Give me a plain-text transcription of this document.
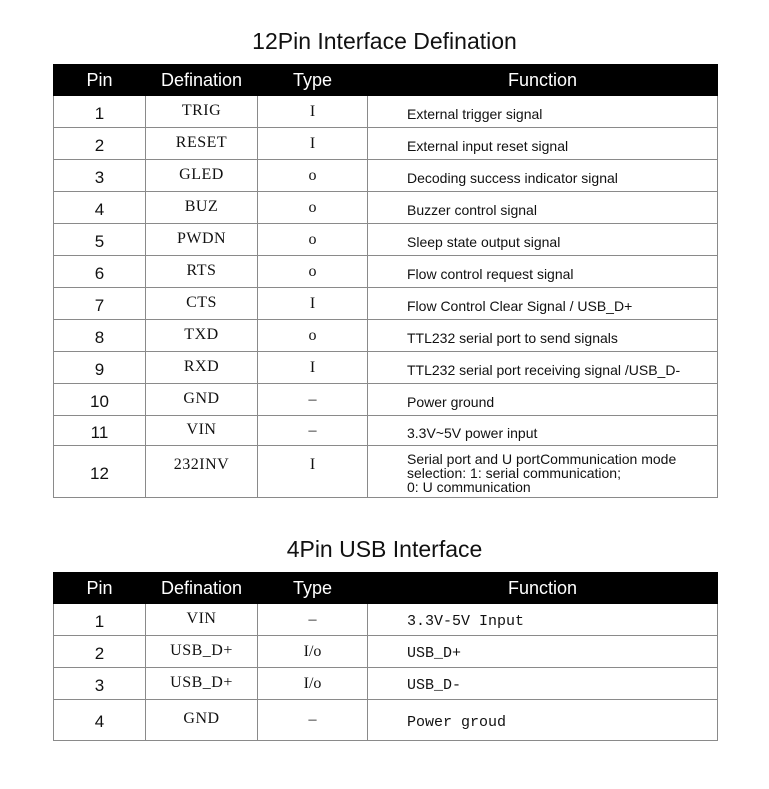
12Pin Interface Defination
Pin	Defination	Type	Function
1	TRIG	I	External trigger signal
2	RESET	I	External input reset signal
3	GLED	o	Decoding success indicator signal
4	BUZ	o	Buzzer control signal
5	PWDN	o	Sleep state output signal
6	RTS	o	Flow control request signal
7	CTS	I	Flow Control Clear Signal / USB_D+
8	TXD	o	TTL232 serial port to send signals
9	RXD	I	TTL232 serial port receiving signal /USB_D-
10	GND	–	Power ground
11	VIN	–	3.3V~5V power input
12	232INV	I	Serial port and U portCommunication mode
selection: 1: serial communication;
0: U communication
4Pin USB Interface
Pin	Defination	Type	Function
1	VIN	–	3.3V-5V Input
2	USB_D+	I/o	USB_D+
3	USB_D+	I/o	USB_D-
4	GND	–	Power groud
